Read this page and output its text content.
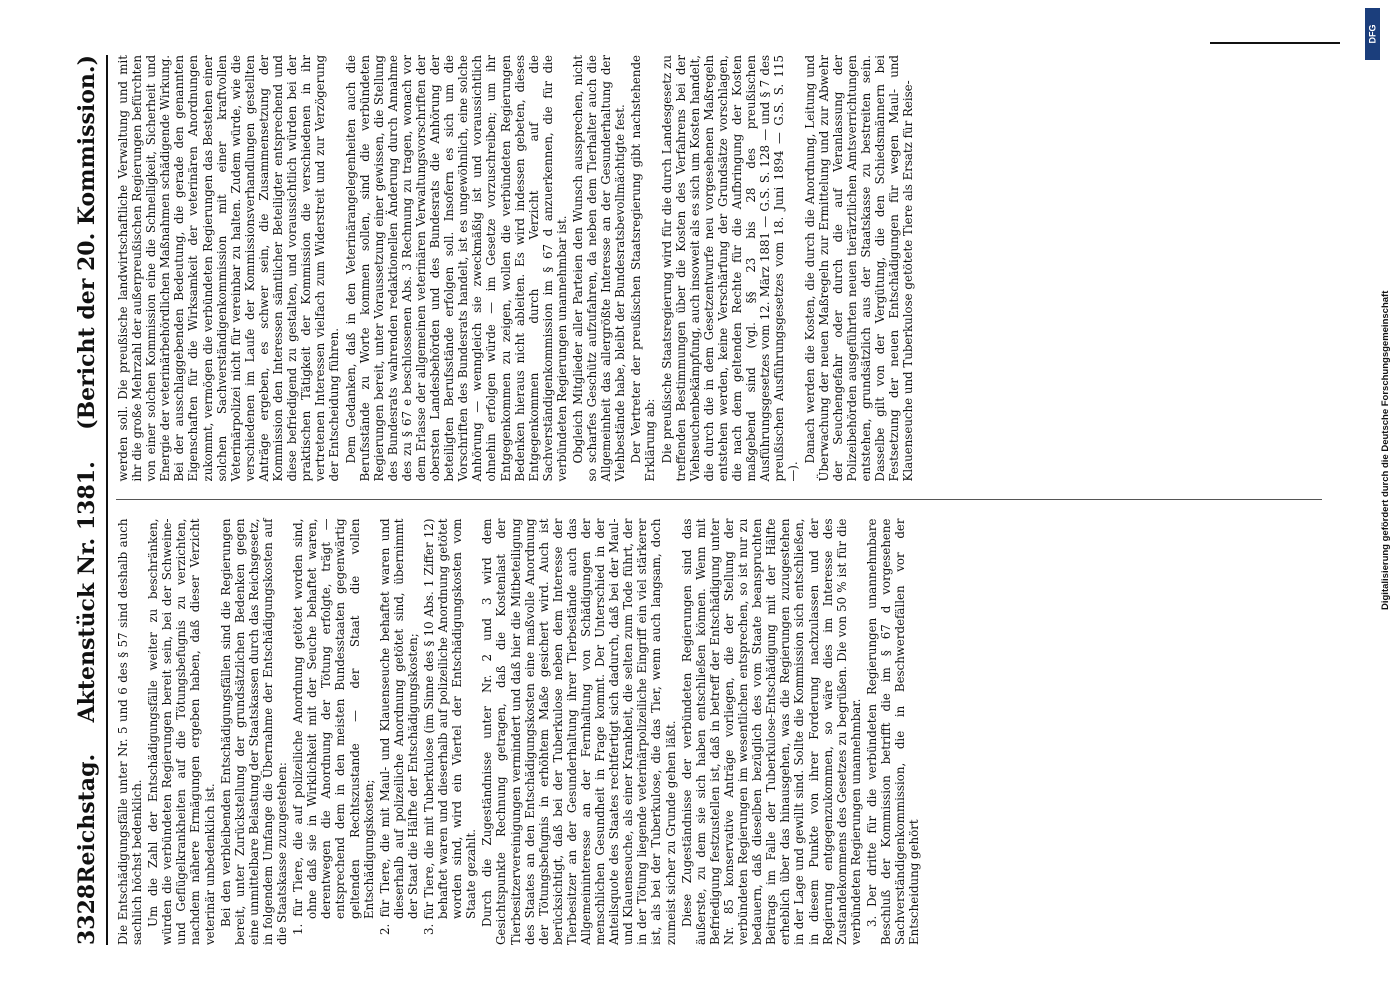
3328
Reichstag.
Aktenstück Nr. 1381.
(Bericht der 20. Kommission.)

Die Entschädigungsfälle unter Nr. 5 und 6 des § 57 sind deshalb auch sachlich höchst bedenklich. Um die Zahl der Entschädigungsfälle weiter zu beschränken, würden die verbündeten Regierungen bereit sein, bei der Schweine- und Geflügelkrankheiten auf die Tötungsbefugnis zu verzichten, nachdem nähere Ermägungen ergeben haben, daß dieser Verzicht veterinär unbedenklich ist. Bei den verbleibenden Entschädigungsfällen sind die Regierungen bereit, unter Zurückstellung der grundsätzlichen Bedenken gegen eine unmittelbare Belastung der Staatskassen durch das Reichsgesetz, in folgendem Umfange die Übernahme der Entschädigungskosten auf die Staatskasse zuzugestehen: 1. für Tiere, die auf polizeiliche Anordnung getötet worden sind, ohne daß sie in Wirklichkeit mit der Seuche behaftet waren, derentwegen die Anordnung der Tötung erfolgte, trägt — entsprechend dem in den meisten Bundesstaaten gegenwärtig geltenden Rechtszustande — der Staat die vollen Entschädigungskosten; 2. für Tiere, die mit Maul- und Klauenseuche behaftet waren und dieserhalb auf polizeiliche Anordnung getötet sind, übernimmt der Staat die Hälfte der Entschädigungskosten; 3. für Tiere, die mit Tuberkulose (im Sinne des § 10 Abs. 1 Ziffer 12) behaftet waren und dieserhalb auf polizeiliche Anordnung getötet worden sind, wird ein Viertel der Entschädigungskosten vom Staate gezahlt. Durch die Zugeständnisse unter Nr. 2 und 3 wird dem Gesichtspunkte Rechnung getragen, daß die Kostenlast der Tierbesitzervereinigungen vermindert und daß hier die Mitbeteiligung des Staates an den Entschädigungskosten eine maßvolle Anordnung der Tötungsbefugnis in erhöhtem Maße gesichert wird. Auch ist berücksichtigt, daß bei der Tuberkulose neben dem Interesse der Tierbesitzer an der Gesunderhaltung ihrer Tierbestände auch das Allgemeininteresse an der Fernhaltung von Schädigungen der menschlichen Gesundheit in Frage kommt. Der Unterschied in der Anteilsquote des Staates rechtfertigt sich dadurch, daß bei der Maul- und Klauenseuche, als einer Krankheit, die selten zum Tode führt, der in der Tötung liegende veterinärpolizeiliche Eingriff ein viel stärkerer ist, als bei der Tuberkulose, die das Tier, wenn auch langsam, doch zumeist sicher zu Grunde gehen läßt. Diese Zugeständnisse der verbündeten Regierungen sind das äußerste, zu dem sie sich haben entschließen können. Wenn mit Befriedigung festzustellen ist, daß in betreff der Entschädigung unter Nr. 85 konservative Anträge vorliegen, die der Stellung der verbündeten Regierungen im wesentlichen entsprechen, so ist nur zu bedauern, daß dieselben bezüglich des vom Staate beanspruchten Beitrags im Falle der Tuberkulose-Entschädigung mit der Hälfte erheblich über das hinausgehen, was die Regierungen zuzugestehen in der Lage und gewillt sind. Sollte die Kommission sich entschließen, in diesem Punkte von ihrer Forderung nachzulassen und der Regierung entgegenzukommen, so wäre dies im Interesse des Zustandekommens des Gesetzes zu begrüßen. Die von 50 % ist für die verbündeten Regierungen unannehmbar. 3. Der dritte für die verbündeten Regierungen unannehmbare Beschluß der Kommission betrifft die im § 67 d vorgesehene Sachverständigenkommission, die in Beschwerdefällen vor der Entscheidung gehört

werden soll. Die preußische landwirtschaftliche Verwaltung und mit ihr die große Mehrzahl der außerpreußischen Regierungen befürchten von einer solchen Kommission eine die Schnelligkeit, Sicherheit und Energie der veterinärbehördlichen Maßnahmen schädigende Wirkung. Bei der ausschlaggebenden Bedeutung, die gerade den genannten Eigenschaften für die Wirksamkeit der veterinären Anordnungen zukommt, vermögen die verbündeten Regierungen das Bestehen einer solchen Sachverständigenkommission mit einer kraftvollen Veterinärpolizei nicht für vereinbar zu halten. Zudem würde, wie die verschiedenen im Laufe der Kommissionsverhandlungen gestellten Anträge ergeben, es schwer sein, die Zusammensetzung der Kommission den Interessen sämtlicher Beteiligter entsprechend und diese befriedigend zu gestalten, und voraussichtlich würden bei der praktischen Tätigkeit der Kommission die verschiedenen in ihr vertretenen Interessen vielfach zum Widerstreit und zur Verzögerung der Entscheidung führen. Dem Gedanken, daß in den Veterinärangelegenheiten auch die Berufsstände zu Worte kommen sollen, sind die verbündeten Regierungen bereit, unter Voraussetzung einer gewissen, die Stellung des Bundesrats wahrenden redaktionellen Änderung durch Annahme des zu § 67 e beschlossenen Abs. 3 Rechnung zu tragen, wonach vor dem Erlasse der allgemeinen veterinären Verwaltungsvorschriften der obersten Landesbehörden und des Bundesrats die Anhörung der beteiligten Berufsstände erfolgen soll. Insofern es sich um die Vorschriften des Bundesrats handelt, ist es ungewöhnlich, eine solche Anhörung — wenngleich sie zweckmäßig ist und voraussichtlich ohnehin erfolgen würde — im Gesetze vorzuschreiben; um ihr Entgegenkommen zu zeigen, wollen die verbündeten Regierungen Bedenken hieraus nicht ableiten. Es wird indessen gebeten, dieses Entgegenkommen durch Verzicht auf die Sachverständigenkommission im § 67 d anzuerkennen, die für die verbündeten Regierungen unannehmbar ist. Obgleich Mitglieder aller Parteien den Wunsch aussprechen, nicht so scharfes Geschütz aufzufahren, da neben dem Tierhalter auch die Allgemeinheit das allergrößte Interesse an der Gesunderhaltung der Viehbestände habe, bleibt der Bundesratsbevollmächtigte fest. Der Vertreter der preußischen Staatsregierung gibt nachstehende Erklärung ab: Die preußische Staatsregierung wird für die durch Landesgesetz zu treffenden Bestimmungen über die Kosten des Verfahrens bei der Viehseuchenbekämpfung, auch insoweit als es sich um Kosten handelt, die durch die in dem Gesetzentwurfe neu vorgesehenen Maßregeln entstehen werden, keine Verschärfung der Grundsätze vorschlagen, die nach dem geltenden Rechte für die Aufbringung der Kosten maßgebend sind (vgl. §§ 23 bis 28 des preußischen Ausführungsgesetzes vom 12. März 1881 — G.S. S. 128 — und § 7 des preußischen Ausführungsgesetzes vom 18. Juni 1894 — G.S. S. 115 —).

Danach werden die Kosten, die durch die Anordnung, Leitung und Überwachung der neuen Maßregeln zur Ermittelung und zur Abwehr der Seuchengefahr oder durch die auf Veranlassung der Polizeibehörden ausgeführten neuen tierärztlichen Amtsverrichtungen entstehen, grundsätzlich aus der Staatskasse zu bestreiten sein. Dasselbe gilt von der Vergütung, die den Schiedsmännern bei Festsetzung der neuen Entschädigungen für wegen Maul- und Klauenseuche und Tuberkulose getötete Tiere als Ersatz für Reise-

DFG
Digitalisierung gefördert durch die Deutsche Forschungsgemeinschaft
